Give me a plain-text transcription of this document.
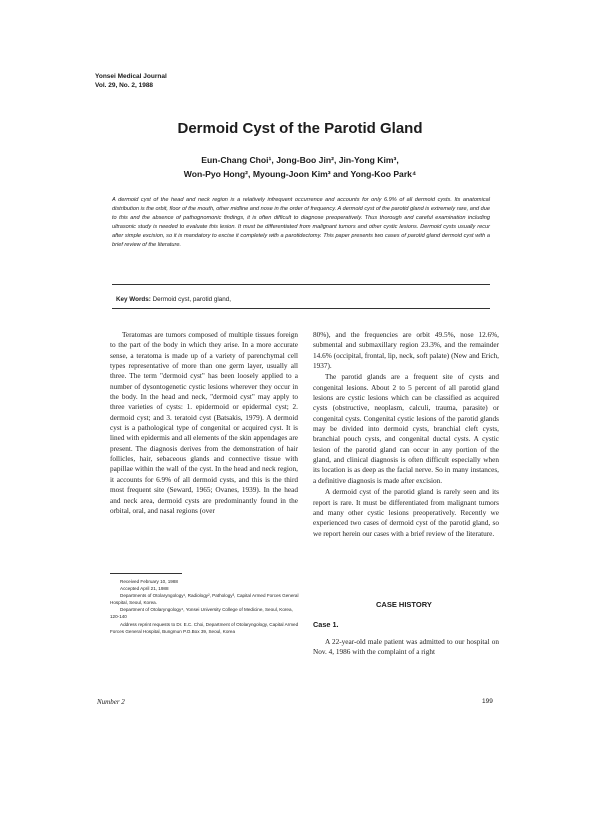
Yonsei Medical Journal
Vol. 29, No. 2, 1988
Dermoid Cyst of the Parotid Gland
Eun-Chang Choi¹, Jong-Boo Jin², Jin-Yong Kim³,
Won-Pyo Hong², Myoung-Joon Kim³ and Yong-Koo Park⁴
A dermoid cyst of the head and neck region is a relatively infrequent occurrence and accounts for only 6.9% of all dermoid cysts. Its anatomical distribution is the orbit, floor of the mouth, other midline and nose in the order of frequency. A dermoid cyst of the parotid gland is extremely rare, and due to this and the absence of pathognomonic findings, it is often difficult to diagnose preoperatively. Thus thorough and careful examination including ultrasonic study is needed to evaluate this lesion. It must be differentiated from malignant tumors and other cystic lesions. Dermoid cysts usually recur after simple excision, so it is mandatory to excise it completely with a parotidectomy. This paper presents two cases of parotid gland dermoid cyst with a brief review of the literature.
Key Words: Dermoid cyst, parotid gland,

Teratomas are tumors composed of multiple tissues foreign to the part of the body in which they arise. In a more accurate sense, a teratoma is made up of a variety of parenchymal cell types representative of more than one germ layer, usually all three. The term "dermoid cyst" has been loosely applied to a number of dysontogenetic cystic lesions wherever they occur in the body. In the head and neck, "dermoid cyst" may apply to three varieties of cysts: 1. epidermoid or epidermal cyst; 2. dermoid cyst; and 3. teratoid cyst (Batsakis, 1979). A dermoid cyst is a pathological type of congenital or acquired cyst. It is lined with epidermis and all elements of the skin appendages are present. The diagnosis derives from the demonstration of hair follicles, hair, sebaceous glands and connective tissue with papillae within the wall of the cyst. In the head and neck region, it accounts for 6.9% of all dermoid cysts, and this is the third most frequent site (Seward, 1965; Ovanes, 1939). In the head and neck area, dermoid cysts are predominantly found in the orbital, oral, and nasal regions (over

Received February 10, 1988

Accepted April 21, 1988

Departments of Otolaryngology¹, Radiology², Pathology³, Capital Armed Forces General Hospital, Seoul, Korea.

Department of Otolaryngology⁴, Yonsei University College of Medicine, Seoul, Korea, 120-140

Address reprint requests to Dr. E.C. Choi, Department of Otolaryngology, Capital Armed Forces General Hospital, Bungmun P.O.Box 39, Seoul, Korea

80%), and the frequencies are orbit 49.5%, nose 12.6%, submental and submaxillary region 23.3%, and the remainder 14.6% (occipital, frontal, lip, neck, soft palate) (New and Erich, 1937).

The parotid glands are a frequent site of cysts and congenital lesions. About 2 to 5 percent of all parotid gland lesions are cystic lesions which can be classified as acquired cysts (obstructive, neoplasm, calculi, trauma, parasite) or congenital cysts. Congenital cystic lesions of the parotid glands may be divided into dermoid cysts, branchial cleft cysts, branchial pouch cysts, and congenital ductal cysts. A cystic lesion of the parotid gland can occur in any portion of the gland, and clinical diagnosis is often difficult especially when its location is as deep as the facial nerve. So in many instances, a definitive diagnosis is made after excision.

A dermoid cyst of the parotid gland is rarely seen and its report is rare. It must be differentiated from malignant tumors and many other cystic lesions preoperatively. Recently we experienced two cases of dermoid cyst of the parotid gland, so we report herein our cases with a brief review of the literature.

CASE HISTORY
Case 1.
A 22-year-old male patient was admitted to our hospital on Nov. 4, 1986 with the complaint of a right
Number 2	199
